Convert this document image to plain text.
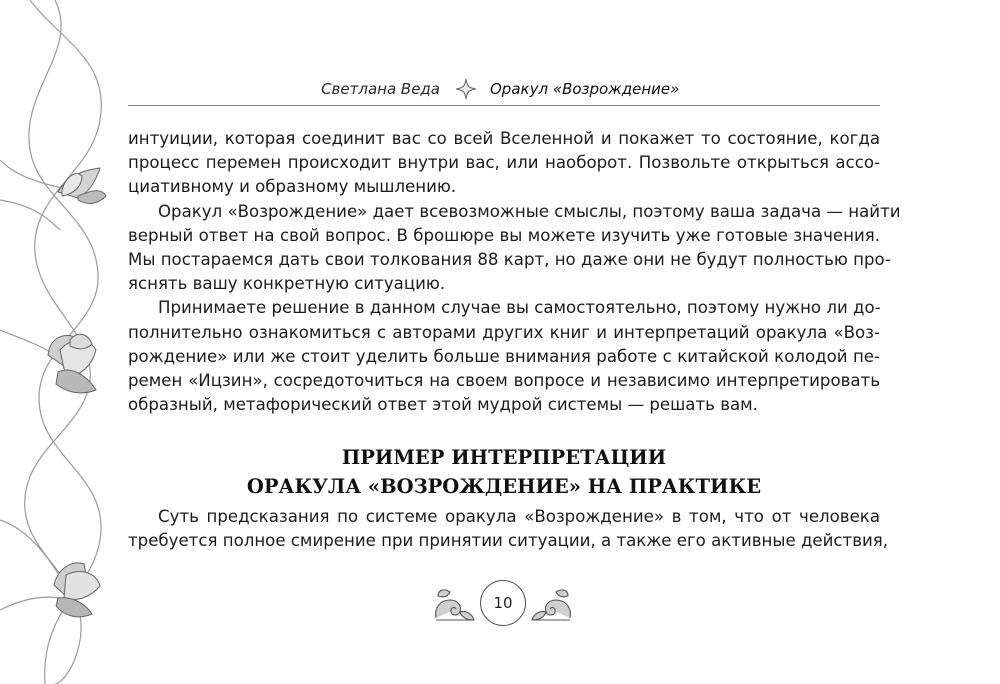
Светлана Веда	Оракул «Возрождение»
интуиции, которая соединит вас со всей Вселенной и покажет то состояние, когда
процесс перемен происходит внутри вас, или наоборот. Позвольте открыться ассо-
циативному и образному мышлению.
Оракул «Возрождение» дает всевозможные смыслы, поэтому ваша задача — найти
верный ответ на свой вопрос. В брошюре вы можете изучить уже готовые значения.
Мы постараемся дать свои толкования 88 карт, но даже они не будут полностью про-
яснять вашу конкретную ситуацию.
Принимаете решение в данном случае вы самостоятельно, поэтому нужно ли до-
полнительно ознакомиться с авторами других книг и интерпретаций оракула «Воз-
рождение» или же стоит уделить больше внимания работе с китайской колодой пе-
ремен «Ицзин», сосредоточиться на своем вопросе и независимо интерпретировать
образный, метафорический ответ этой мудрой системы — решать вам.
ПРИМЕР ИНТЕРПРЕТАЦИИ
ОРАКУЛА «ВОЗРОЖДЕНИЕ» НА ПРАКТИКЕ
Суть предсказания по системе оракула «Возрождение» в том, что от человека
требуется полное смирение при принятии ситуации, а также его активные действия,
10
